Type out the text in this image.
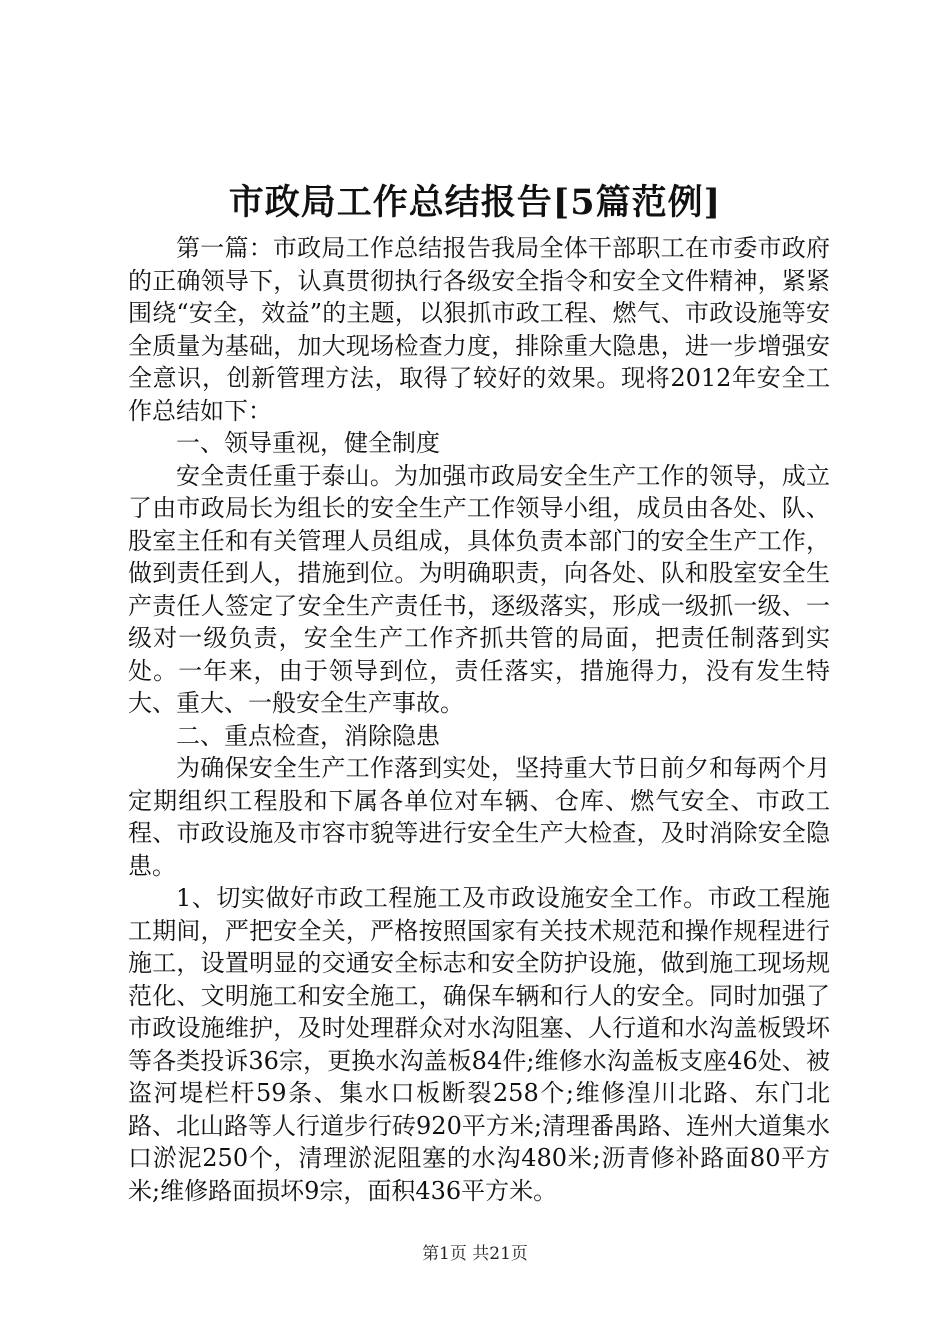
市政局工作总结报告[5篇范例]

第一篇：市政局工作总结报告我局全体干部职工在市委市政府的正确领导下，认真贯彻执行各级安全指令和安全文件精神，紧紧围绕“安全，效益”的主题，以狠抓市政工程、燃气、市政设施等安全质量为基础，加大现场检查力度，排除重大隐患，进一步增强安全意识，创新管理方法，取得了较好的效果。现将2012年安全工作总结如下：

一、领导重视，健全制度

安全责任重于泰山。为加强市政局安全生产工作的领导，成立了由市政局长为组长的安全生产工作领导小组，成员由各处、队、股室主任和有关管理人员组成，具体负责本部门的安全生产工作，做到责任到人，措施到位。为明确职责，向各处、队和股室安全生产责任人签定了安全生产责任书，逐级落实，形成一级抓一级、一级对一级负责，安全生产工作齐抓共管的局面，把责任制落到实处。一年来，由于领导到位，责任落实，措施得力，没有发生特大、重大、一般安全生产事故。

二、重点检查，消除隐患

为确保安全生产工作落到实处，坚持重大节日前夕和每两个月定期组织工程股和下属各单位对车辆、仓库、燃气安全、市政工程、市政设施及市容市貌等进行安全生产大检查，及时消除安全隐患。

1、切实做好市政工程施工及市政设施安全工作。市政工程施工期间，严把安全关，严格按照国家有关技术规范和操作规程进行施工，设置明显的交通安全标志和安全防护设施，做到施工现场规范化、文明施工和安全施工，确保车辆和行人的安全。同时加强了市政设施维护，及时处理群众对水沟阻塞、人行道和水沟盖板毁坏等各类投诉36宗，更换水沟盖板84件;维修水沟盖板支座46处、被盗河堤栏杆59条、集水口板断裂258个;维修湟川北路、东门北路、北山路等人行道步行砖920平方米;清理番禺路、连州大道集水口淤泥250个，清理淤泥阻塞的水沟480米;沥青修补路面80平方米;维修路面损坏9宗，面积436平方米。

第1页 共21页
